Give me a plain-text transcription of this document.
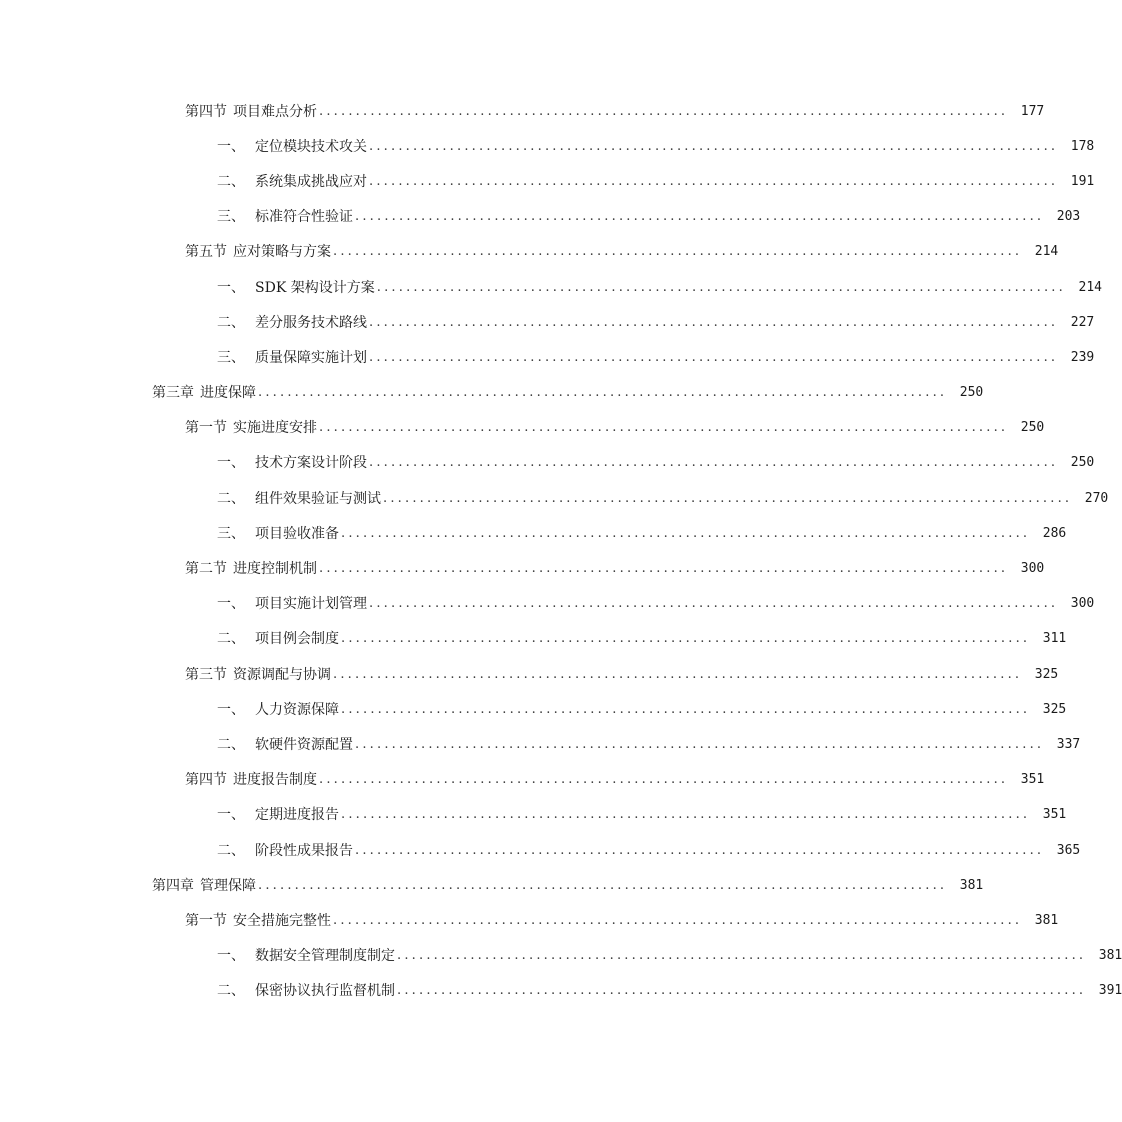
第四节 项目难点分析 .............................................................................................. 177
一、 定位模块技术攻关 .............................................................................................. 178
二、 系统集成挑战应对 .............................................................................................. 191
三、 标准符合性验证 .............................................................................................. 203
第五节 应对策略与方案 .............................................................................................. 214
一、 SDK 架构设计方案 .............................................................................................. 214
二、 差分服务技术路线 .............................................................................................. 227
三、 质量保障实施计划 .............................................................................................. 239
第三章 进度保障 .............................................................................................. 250
第一节 实施进度安排 .............................................................................................. 250
一、 技术方案设计阶段 .............................................................................................. 250
二、 组件效果验证与测试 .............................................................................................. 270
三、 项目验收准备 .............................................................................................. 286
第二节 进度控制机制 .............................................................................................. 300
一、 项目实施计划管理 .............................................................................................. 300
二、 项目例会制度 .............................................................................................. 311
第三节 资源调配与协调 .............................................................................................. 325
一、 人力资源保障 .............................................................................................. 325
二、 软硬件资源配置 .............................................................................................. 337
第四节 进度报告制度 .............................................................................................. 351
一、 定期进度报告 .............................................................................................. 351
二、 阶段性成果报告 .............................................................................................. 365
第四章 管理保障 .............................................................................................. 381
第一节 安全措施完整性 .............................................................................................. 381
一、 数据安全管理制度制定 .............................................................................................. 381
二、 保密协议执行监督机制 .............................................................................................. 391
